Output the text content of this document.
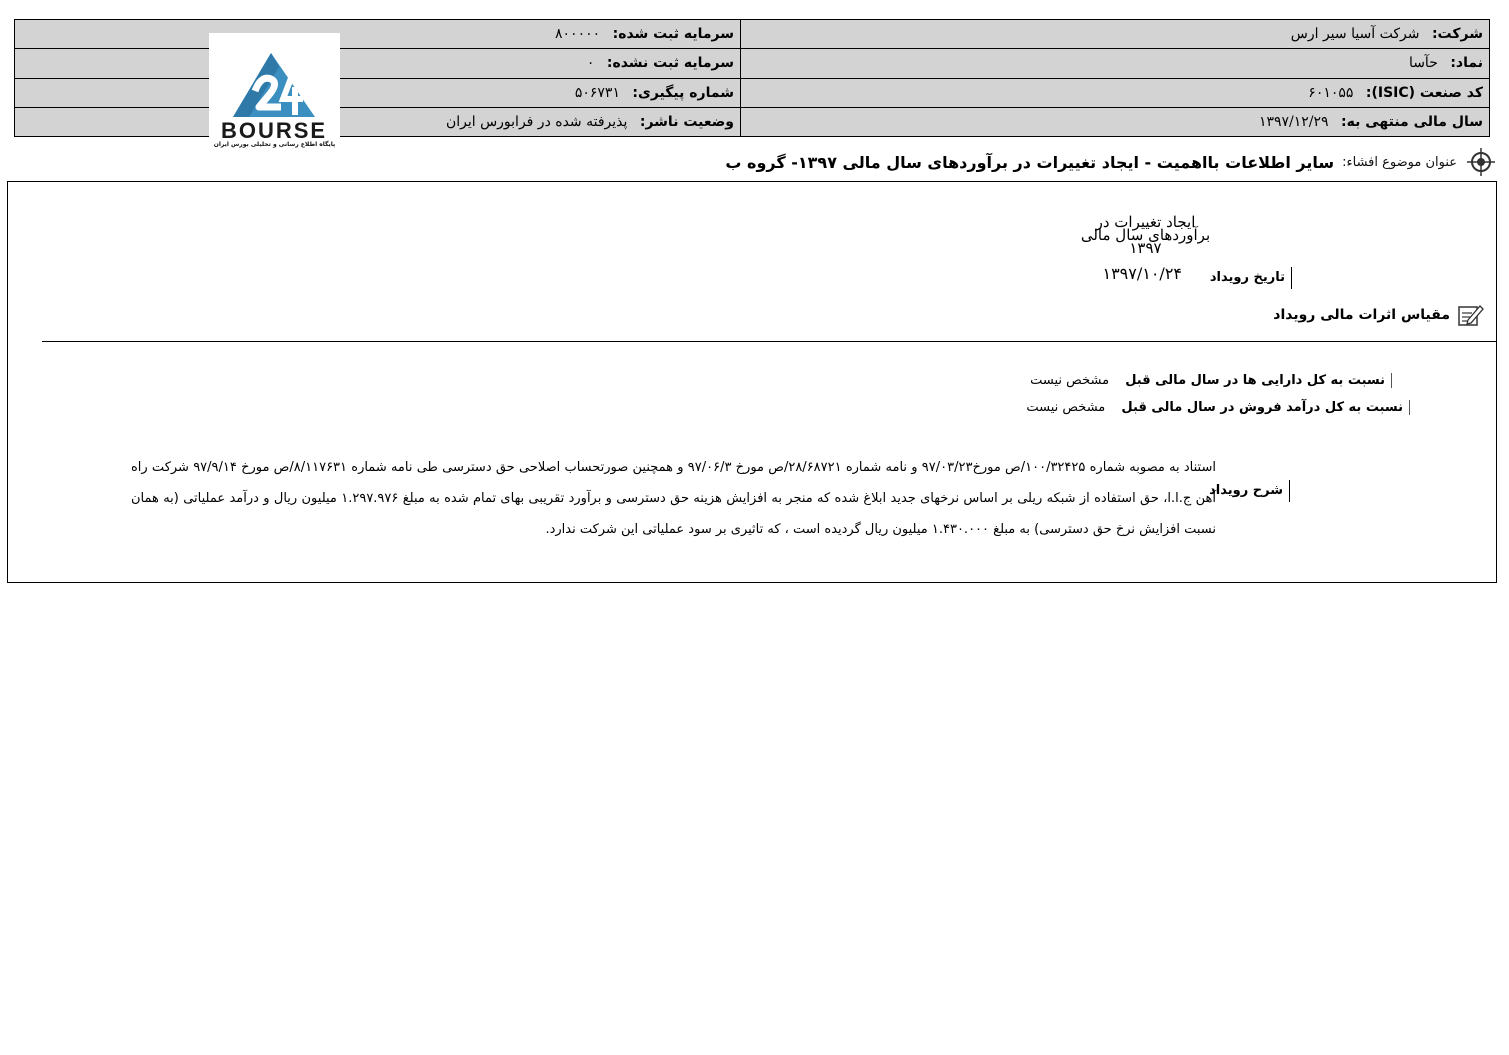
شرکت: شرکت آسیا سیر ارس	سرمایه ثبت شده: ۸۰۰۰۰۰
نماد: حآسا	سرمایه ثبت نشده: ۰
کد صنعت (ISIC): ۶۰۱۰۵۵	شماره پیگیری: ۵۰۶۷۳۱
سال مالی منتهی به: ۱۳۹۷/۱۲/۲۹	وضعیت ناشر: پذیرفته شده در فرابورس ایران
BOURSE
پایگاه اطلاع رسانی و تحلیلی بورس ایران
عنوان موضوع افشاء:
سایر اطلاعات بااهمیت - ایجاد تغییرات در برآوردهای سال مالی ۱۳۹۷- گروه ب
ایجاد تغییرات در
برآوردهای سال مالی
۱۳۹۷
تاریخ رویداد
۱۳۹۷/۱۰/۲۴
مقیاس اثرات مالی رویداد
نسبت به کل دارایی ها در سال مالی قبل مشخص نیست
نسبت به کل درآمد فروش در سال مالی قبل مشخص نیست
شرح رویداد
استناد به مصوبه شماره ۱۰۰/۳۲۴۲۵/ص مورخ۹۷/۰۳/۲۳ و نامه شماره ۲۸/۶۸۷۲۱/ص مورخ ۹۷/۰۶/۳ و همچنین صورتحساب اصلاحی حق دسترسی طی نامه شماره ۸/۱۱۷۶۳۱/ص مورخ ۹۷/۹/۱۴ شرکت راه آهن ج.ا.ا، حق استفاده از شبکه ریلی بر اساس نرخهای جدید ابلاغ شده که منجر به افزایش هزینه حق دسترسی و برآورد تقریبی بهای تمام شده به مبلغ ۱.۲۹۷.۹۷۶ میلیون ریال و درآمد عملیاتی (به همان نسبت افزایش نرخ حق دسترسی) به مبلغ ۱.۴۳۰.۰۰۰ میلیون ریال گردیده است ، که تاثیری بر سود عملیاتی این شرکت ندارد.
